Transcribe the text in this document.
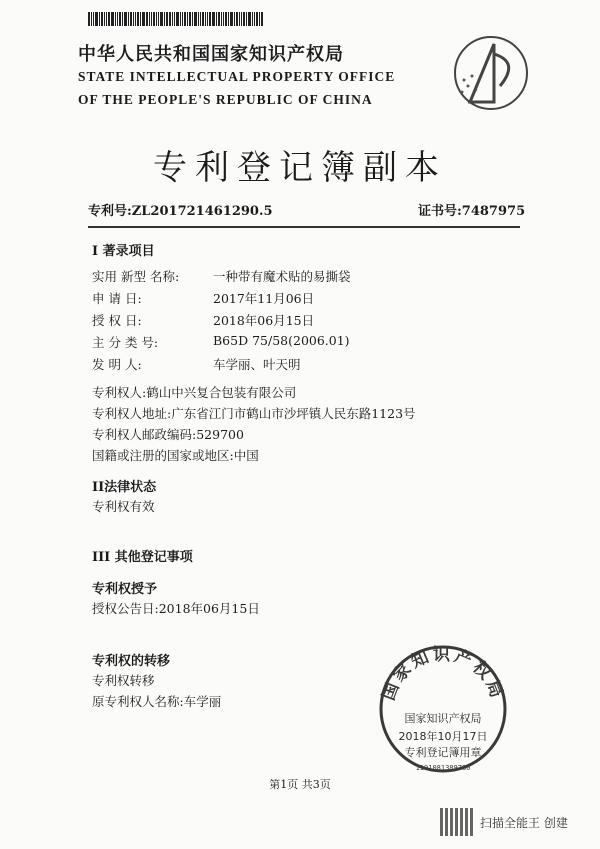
中华人民共和国国家知识产权局
STATE INTELLECTUAL PROPERTY OFFICE
OF THE PEOPLE'S REPUBLIC OF CHINA
专利登记簿副本
专利号:ZL201721461290.5	证书号:7487975
I 著录项目
实用 新型 名称:	一种带有魔术贴的易撕袋
申 请 日:	2017年11月06日
授 权 日:	2018年06月15日
主 分 类 号:	B65D 75/58(2006.01)
发 明 人:	车学丽、叶天明
专利权人:鹤山中兴复合包装有限公司
专利权人地址:广东省江门市鹤山市沙坪镇人民东路1123号
专利权人邮政编码:529700
国籍或注册的国家或地区:中国
II法律状态
专利权有效
III 其他登记事项
专利权授予
授权公告日:2018年06月15日
专利权的转移
专利权转移
原专利权人名称:车学丽	国家知识产权局
国家知识产权局
2018年10月17日
专利登记簿用章
1101081389780
第1页 共3页
扫描全能王 创建
